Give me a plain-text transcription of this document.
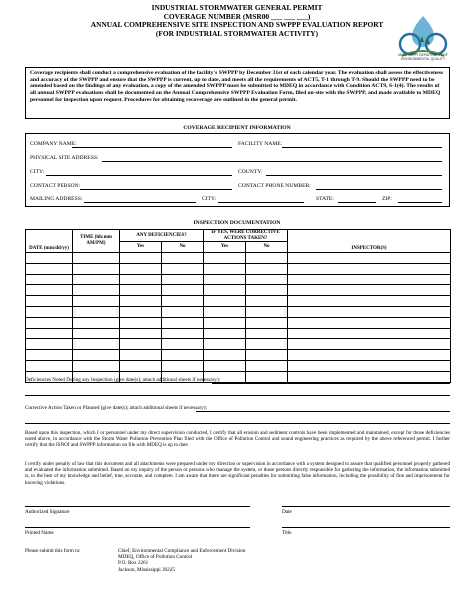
INDUSTRIAL STORMWATER GENERAL PERMIT
COVERAGE NUMBER (MSR00 ___ ___ ___)
ANNUAL COMPREHENSIVE SITE INSPECTION AND SWPPP EVALUATION REPORT
(FOR INDUSTRIAL STORMWATER ACTIVITY)
MISSISSIPPI DEPARTMENT OF ENVIRONMENTAL QUALITY
Coverage recipients shall conduct a comprehensive evaluation of the facility's SWPPP by December 31st of each calendar year. The evaluation shall assess the effectiveness and accuracy of the SWPPP and ensure that the SWPPP is current, up to date, and meets all the requirements of ACT5, T-1 through T-9. Should the SWPPP need to be amended based on the findings of any evaluation, a copy of the amended SWPPP must be submitted to MDEQ in accordance with Condition ACT9, S-1(4). The results of all annual SWPPP evaluations shall be documented on the Annual Comprehensive SWPPP Evaluation Form, filed on-site with the SWPPP, and made available to MDEQ personnel for inspection upon request. Procedures for obtaining recoverage are outlined in the general permit.
COVERAGE RECIPIENT INFORMATION
COMPANY NAME:	FACILITY NAME:
PHYSICAL SITE ADDRESS:
CITY:	COUNTY:
CONTACT PERSON:	CONTACT PHONE NUMBER:
MAILING ADDRESS:	CITY:	STATE:	ZIP:
INSPECTION DOCUMENTATION
DATE (mm/dd/yy)	TIME (hh:mm AM/PM)	ANY DEFICIENCIES?		IF YES, WERE CORRECTIVE ACTIONS TAKEN?		INSPECTOR(S)
		Yes	No	Yes	No	

Deficiencies Noted During any Inspection (give date(s); attach additional sheets if necessary):
Corrective Action Taken or Planned (give date(s); attach additional sheets if necessary):
Based upon this inspection, which I or personnel under my direct supervision conducted, I certify that all erosion and sediment controls have been implemented and maintained, except for those deficiencies noted above, in accordance with the Storm Water Pollution Prevention Plan filed with the Office of Pollution Control and sound engineering practices as required by the above referenced permit. I further certify that the ISNOI and SWPPP information on file with MDEQ is up to date.
I certify under penalty of law that this document and all attachments were prepared under my direction or supervision in accordance with a system designed to assure that qualified personnel properly gathered and evaluated the information submitted. Based on my inquiry of the person or persons who manage the system, or those persons directly responsible for gathering the information, the information submitted is, to the best of my knowledge and belief, true, accurate, and complete. I am aware that there are significant penalties for submitting false information, including the possibility of fine and imprisonment for knowing violations.
Authorized Signature	Date
Printed Name	Title
Please submit this form to:	Chief, Environmental Compliance and Enforcement Division
MDEQ, Office of Pollution Control
P.O. Box 2261
Jackson, Mississippi 39225
